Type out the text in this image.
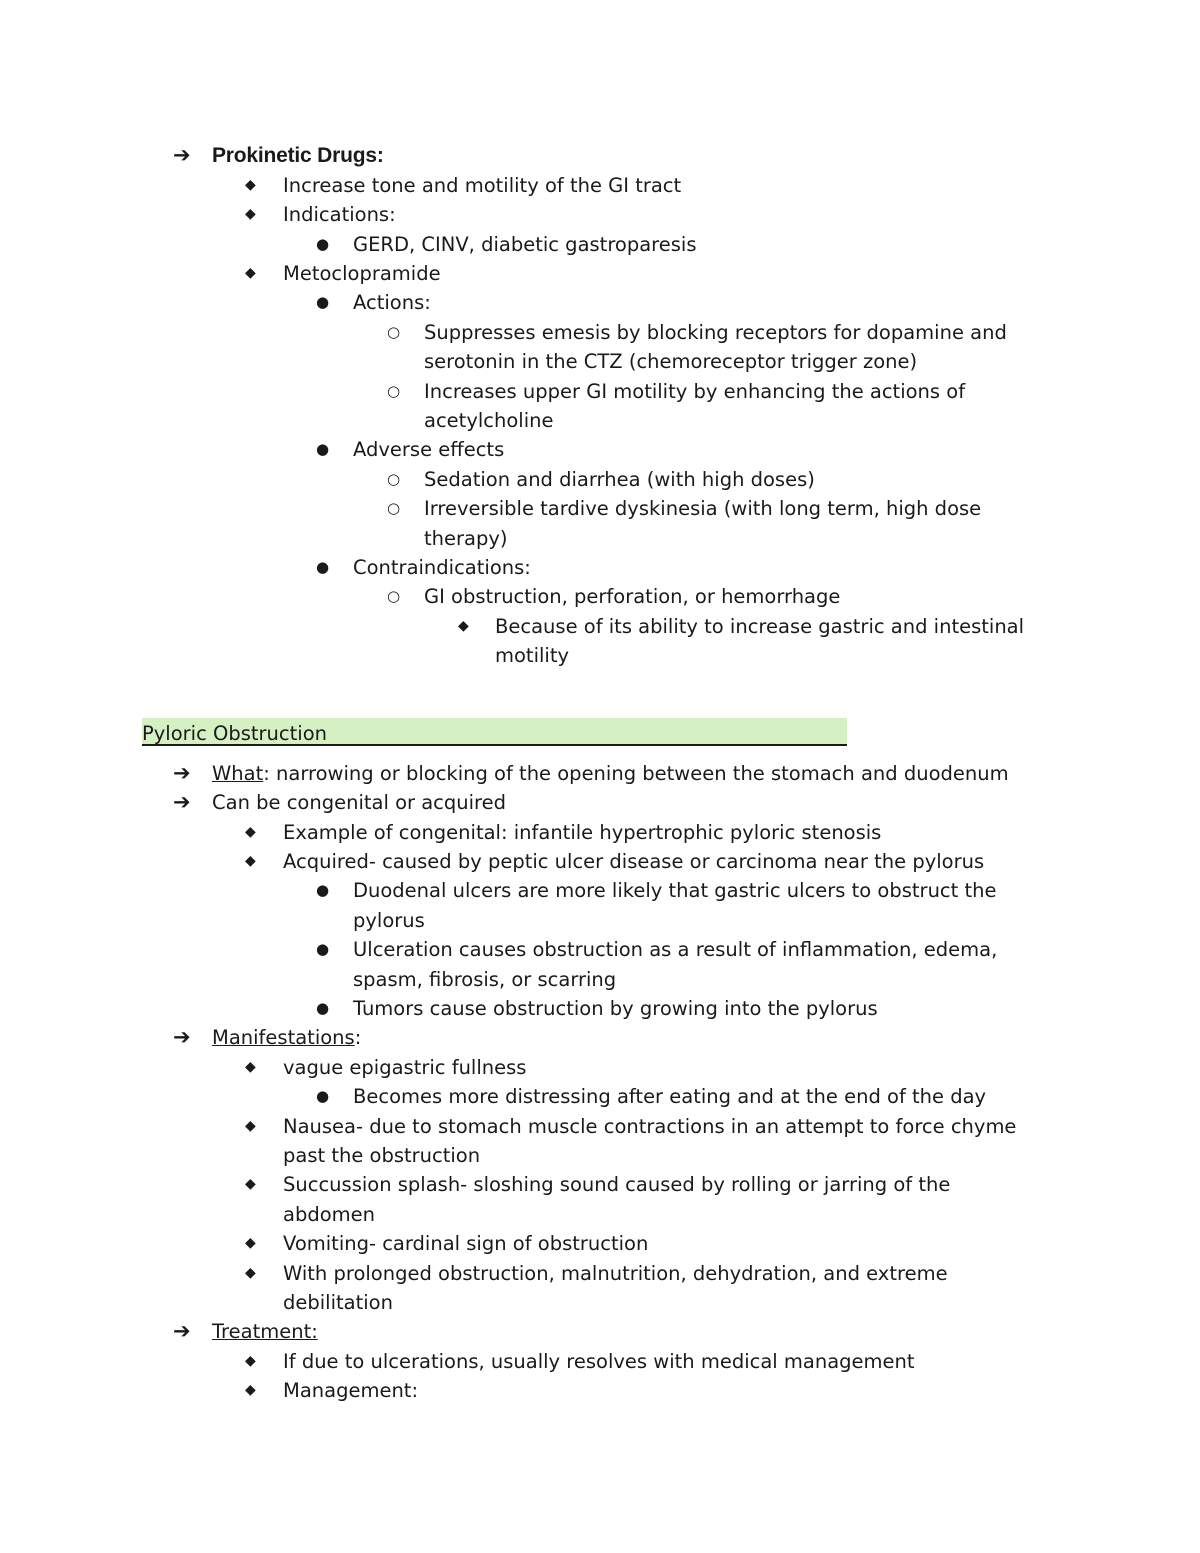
➔ Prokinetic Drugs:
◆ Increase tone and motility of the GI tract
◆ Indications:
● GERD, CINV, diabetic gastroparesis
◆ Metoclopramide
● Actions:
○ Suppresses emesis by blocking receptors for dopamine and
serotonin in the CTZ (chemoreceptor trigger zone)
○ Increases upper GI motility by enhancing the actions of
acetylcholine
● Adverse effects
○ Sedation and diarrhea (with high doses)
○ Irreversible tardive dyskinesia (with long term, high dose
therapy)
● Contraindications:
○ GI obstruction, perforation, or hemorrhage
◆ Because of its ability to increase gastric and intestinal
motility
Pyloric Obstruction
➔ What: narrowing or blocking of the opening between the stomach and duodenum
➔ Can be congenital or acquired
◆ Example of congenital: infantile hypertrophic pyloric stenosis
◆ Acquired- caused by peptic ulcer disease or carcinoma near the pylorus
● Duodenal ulcers are more likely that gastric ulcers to obstruct the
pylorus
● Ulceration causes obstruction as a result of inflammation, edema,
spasm, fibrosis, or scarring
● Tumors cause obstruction by growing into the pylorus
➔ Manifestations:
◆ vague epigastric fullness
● Becomes more distressing after eating and at the end of the day
◆ Nausea- due to stomach muscle contractions in an attempt to force chyme
past the obstruction
◆ Succussion splash- sloshing sound caused by rolling or jarring of the
abdomen
◆ Vomiting- cardinal sign of obstruction
◆ With prolonged obstruction, malnutrition, dehydration, and extreme
debilitation
➔ Treatment:
◆ If due to ulcerations, usually resolves with medical management
◆ Management:
